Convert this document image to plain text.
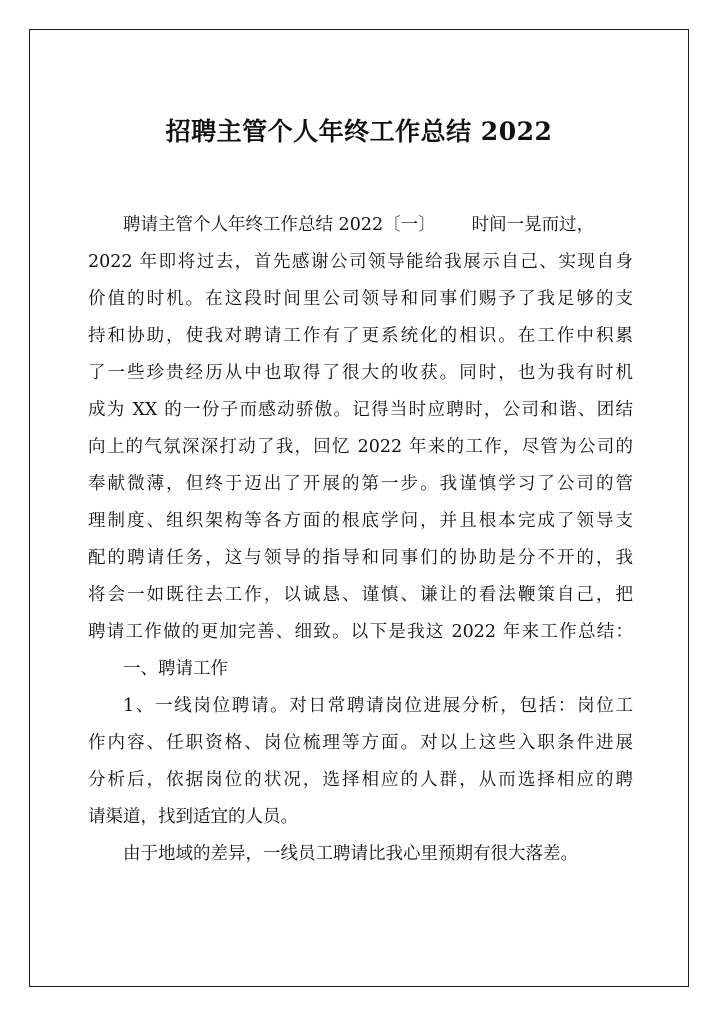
招聘主管个人年终工作总结 2022
聘请主管个人年终工作总结 2022〔一〕 时间一晃而过，
2022 年即将过去，首先感谢公司领导能给我展示自己、实现自身
价值的时机。在这段时间里公司领导和同事们赐予了我足够的支
持和协助，使我对聘请工作有了更系统化的相识。在工作中积累
了一些珍贵经历从中也取得了很大的收获。同时，也为我有时机
成为 XX 的一份子而感动骄傲。记得当时应聘时，公司和谐、团结
向上的气氛深深打动了我，回忆 2022 年来的工作，尽管为公司的
奉献微薄，但终于迈出了开展的第一步。我谨慎学习了公司的管
理制度、组织架构等各方面的根底学问，并且根本完成了领导支
配的聘请任务，这与领导的指导和同事们的协助是分不开的，我
将会一如既往去工作，以诚恳、谨慎、谦让的看法鞭策自己，把
聘请工作做的更加完善、细致。以下是我这 2022 年来工作总结：
一、聘请工作
1、一线岗位聘请。对日常聘请岗位进展分析，包括：岗位工
作内容、任职资格、岗位梳理等方面。对以上这些入职条件进展
分析后，依据岗位的状况，选择相应的人群，从而选择相应的聘
请渠道，找到适宜的人员。
由于地域的差异，一线员工聘请比我心里预期有很大落差。
